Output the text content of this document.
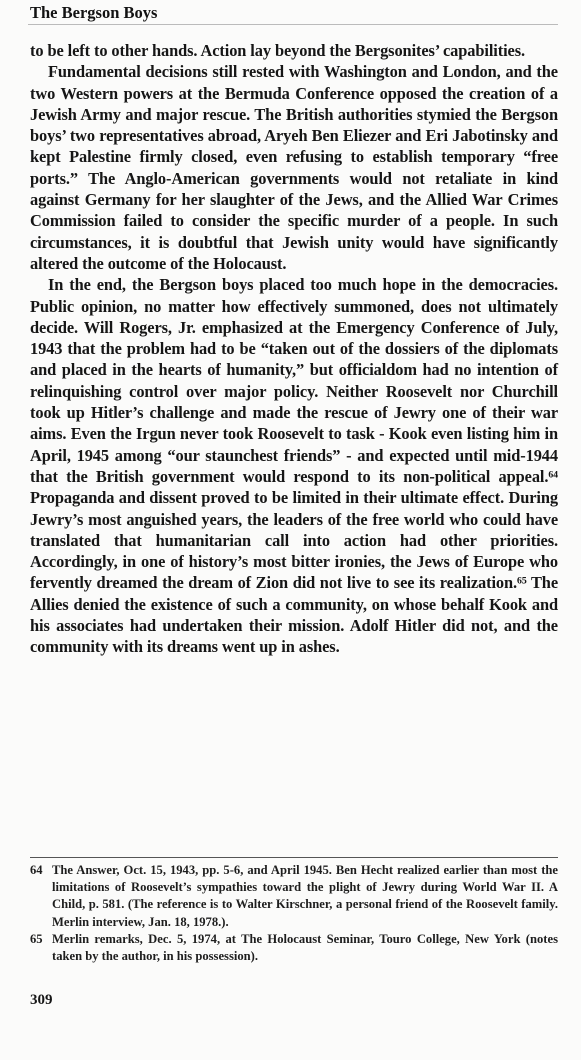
The Bergson Boys

to be left to other hands. Action lay beyond the Bergsonites’ capabilities.

Fundamental decisions still rested with Washington and London, and the two Western powers at the Bermuda Conference opposed the creation of a Jewish Army and major rescue. The British authorities stymied the Bergson boys’ two representatives abroad, Aryeh Ben Eliezer and Eri Jabotinsky and kept Palestine firmly closed, even refusing to establish temporary “free ports.” The Anglo-American governments would not retaliate in kind against Germany for her slaughter of the Jews, and the Allied War Crimes Commission failed to consider the specific murder of a people. In such circumstances, it is doubtful that Jewish unity would have significantly altered the outcome of the Holocaust.

In the end, the Bergson boys placed too much hope in the democracies. Public opinion, no matter how effectively summoned, does not ultimately decide. Will Rogers, Jr. emphasized at the Emergency Conference of July, 1943 that the problem had to be “taken out of the dossiers of the diplomats and placed in the hearts of humanity,” but officialdom had no intention of relinquishing control over major policy. Neither Roosevelt nor Churchill took up Hitler’s challenge and made the rescue of Jewry one of their war aims. Even the Irgun never took Roosevelt to task - Kook even listing him in April, 1945 among “our staunchest friends” - and expected until mid-1944 that the British government would respond to its non-political appeal.⁶⁴ Propaganda and dissent proved to be limited in their ultimate effect. During Jewry’s most anguished years, the leaders of the free world who could have translated that humanitarian call into action had other priorities. Accordingly, in one of history’s most bitter ironies, the Jews of Europe who fervently dreamed the dream of Zion did not live to see its realization.⁶⁵ The Allies denied the existence of such a community, on whose behalf Kook and his associates had undertaken their mission. Adolf Hitler did not, and the community with its dreams went up in ashes.

64 The Answer, Oct. 15, 1943, pp. 5-6, and April 1945. Ben Hecht realized earlier than most the limitations of Roosevelt’s sympathies toward the plight of Jewry during World War II. A Child, p. 581. (The reference is to Walter Kirschner, a personal friend of the Roosevelt family. Merlin interview, Jan. 18, 1978.).
65 Merlin remarks, Dec. 5, 1974, at The Holocaust Seminar, Touro College, New York (notes taken by the author, in his possession).
309
